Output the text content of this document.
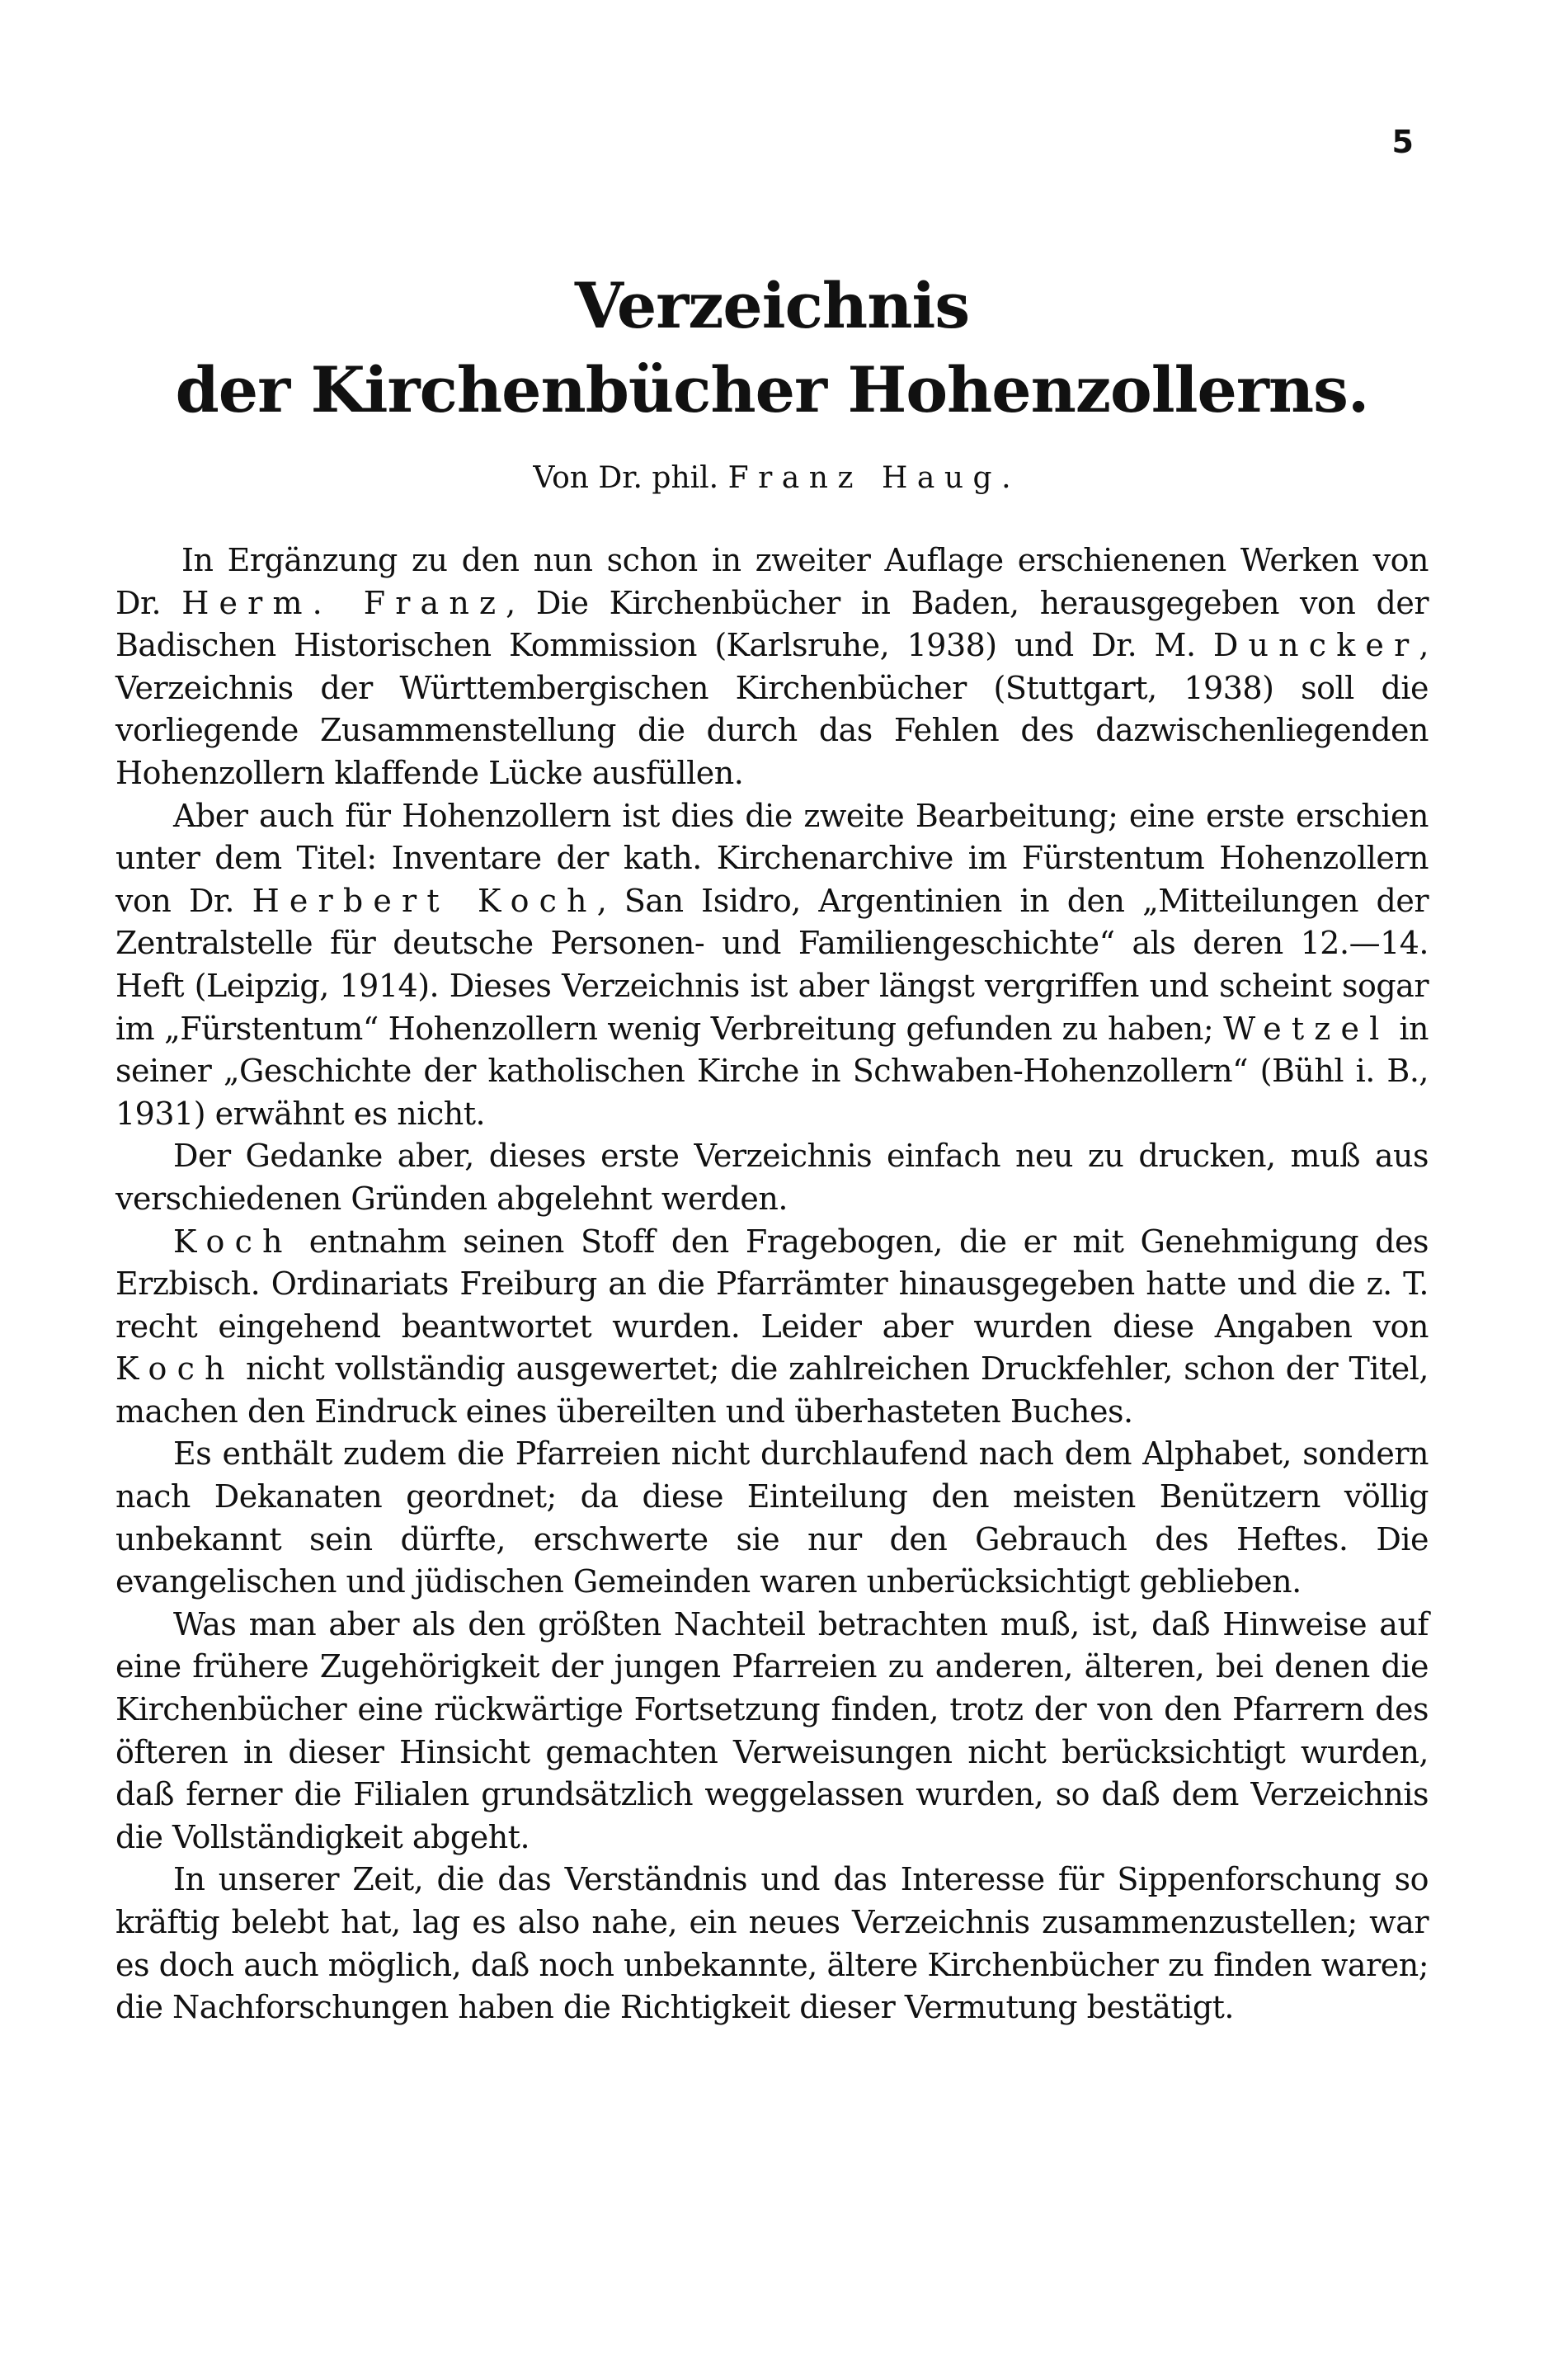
5
Verzeichnis
der Kirchenbücher Hohenzollerns.

Von Dr. phil. Franz Haug.

In Ergänzung zu den nun schon in zweiter Auflage erschienenen Werken von Dr. Herm. Franz, Die Kirchenbücher in Baden, herausgegeben von der Badischen Historischen Kommission (Karlsruhe, 1938) und Dr. M. Duncker, Verzeichnis der Württembergischen Kirchenbücher (Stuttgart, 1938) soll die vorliegende Zusammenstellung die durch das Fehlen des dazwischenliegenden Hohenzollern klaffende Lücke ausfüllen.

Aber auch für Hohenzollern ist dies die zweite Bearbeitung; eine erste erschien unter dem Titel: Inventare der kath. Kirchenarchive im Fürstentum Hohenzollern von Dr. Herbert Koch, San Isidro, Argentinien in den „Mitteilungen der Zentralstelle für deutsche Personen- und Familiengeschichte“ als deren 12.—14. Heft (Leipzig, 1914). Dieses Verzeichnis ist aber längst vergriffen und scheint sogar im „Fürstentum“ Hohenzollern wenig Verbreitung gefunden zu haben; Wetzel in seiner „Geschichte der katholischen Kirche in Schwaben-Hohenzollern“ (Bühl i. B., 1931) erwähnt es nicht.

Der Gedanke aber, dieses erste Verzeichnis einfach neu zu drucken, muß aus verschiedenen Gründen abgelehnt werden.

Koch entnahm seinen Stoff den Fragebogen, die er mit Genehmigung des Erzbisch. Ordinariats Freiburg an die Pfarrämter hinausgegeben hatte und die z. T. recht eingehend beantwortet wurden. Leider aber wurden diese Angaben von Koch nicht vollständig ausgewertet; die zahlreichen Druckfehler, schon der Titel, machen den Eindruck eines übereilten und überhasteten Buches.

Es enthält zudem die Pfarreien nicht durchlaufend nach dem Alphabet, sondern nach Dekanaten geordnet; da diese Einteilung den meisten Benützern völlig unbekannt sein dürfte, erschwerte sie nur den Gebrauch des Heftes. Die evangelischen und jüdischen Gemeinden waren unberücksichtigt geblieben.

Was man aber als den größten Nachteil betrachten muß, ist, daß Hinweise auf eine frühere Zugehörigkeit der jungen Pfarreien zu anderen, älteren, bei denen die Kirchenbücher eine rückwärtige Fortsetzung finden, trotz der von den Pfarrern des öfteren in dieser Hinsicht gemachten Verweisungen nicht berücksichtigt wurden, daß ferner die Filialen grundsätzlich weggelassen wurden, so daß dem Verzeichnis die Vollständigkeit abgeht.

In unserer Zeit, die das Verständnis und das Interesse für Sippenforschung so kräftig belebt hat, lag es also nahe, ein neues Verzeichnis zusammenzustellen; war es doch auch möglich, daß noch unbekannte, ältere Kirchenbücher zu finden waren; die Nachforschungen haben die Richtigkeit dieser Vermutung bestätigt.
